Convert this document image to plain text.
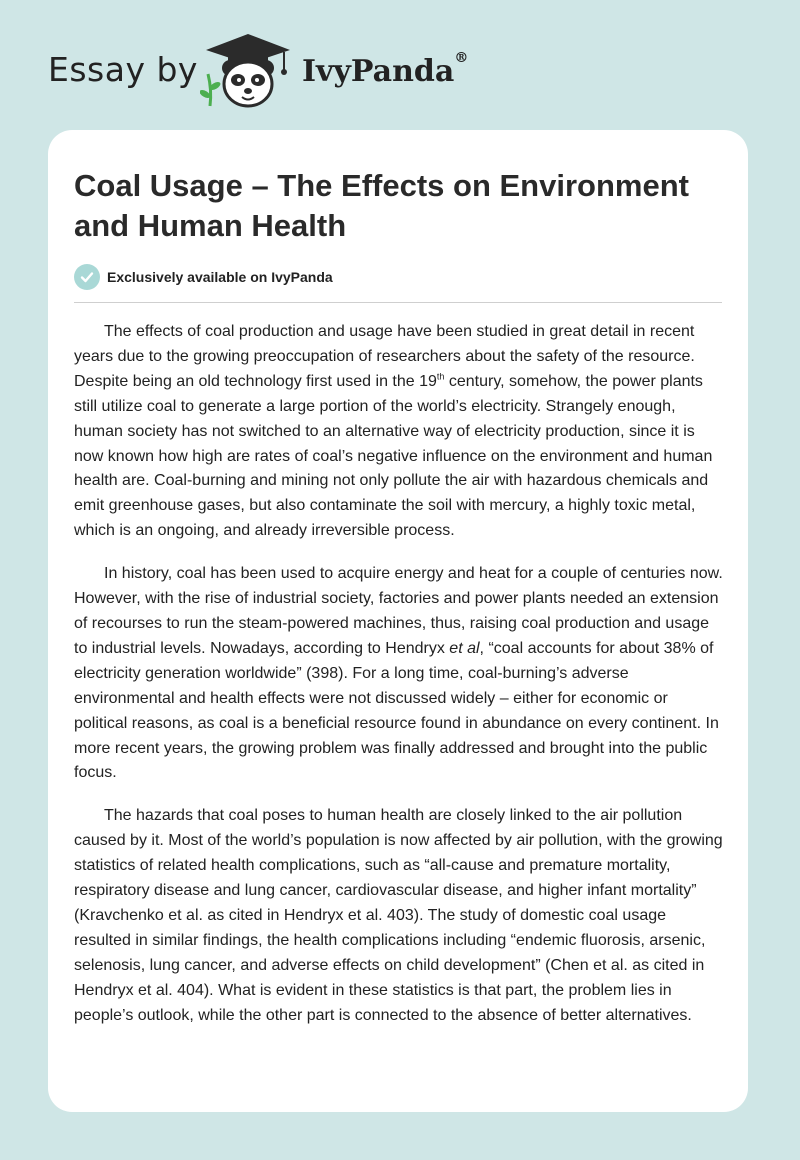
Essay by	IvyPanda®
Coal Usage – The Effects on Environment and Human Health
Exclusively available on IvyPanda

The effects of coal production and usage have been studied in great detail in recent years due to the growing preoccupation of researchers about the safety of the resource. Despite being an old technology first used in the 19th century, somehow, the power plants still utilize coal to generate a large portion of the world’s electricity. Strangely enough, human society has not switched to an alternative way of electricity production, since it is now known how high are rates of coal’s negative influence on the environment and human health are. Coal-burning and mining not only pollute the air with hazardous chemicals and emit greenhouse gases, but also contaminate the soil with mercury, a highly toxic metal, which is an ongoing, and already irreversible process.

In history, coal has been used to acquire energy and heat for a couple of centuries now. However, with the rise of industrial society, factories and power plants needed an extension of recourses to run the steam-powered machines, thus, raising coal production and usage to industrial levels. Nowadays, according to Hendryx et al, “coal accounts for about 38% of electricity generation worldwide” (398). For a long time, coal-burning’s adverse environmental and health effects were not discussed widely – either for economic or political reasons, as coal is a beneficial resource found in abundance on every continent. In more recent years, the growing problem was finally addressed and brought into the public focus.

The hazards that coal poses to human health are closely linked to the air pollution caused by it. Most of the world’s population is now affected by air pollution, with the growing statistics of related health complications, such as “all-cause and premature mortality, respiratory disease and lung cancer, cardiovascular disease, and higher infant mortality” (Kravchenko et al. as cited in Hendryx et al. 403). The study of domestic coal usage resulted in similar findings, the health complications including “endemic fluorosis, arsenic, selenosis, lung cancer, and adverse effects on child development” (Chen et al. as cited in Hendryx et al. 404). What is evident in these statistics is that part, the problem lies in people’s outlook, while the other part is connected to the absence of better alternatives.
